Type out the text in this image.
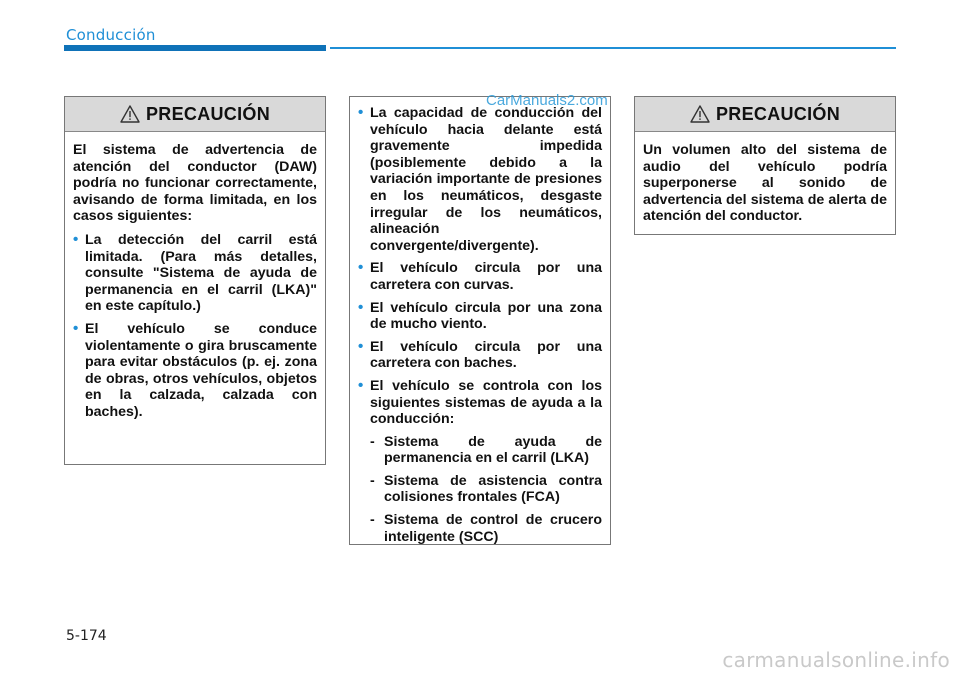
Conducción
PRECAUCIÓN

El sistema de advertencia de atención del conductor (DAW) podría no funcionar correctamente, avisando de forma limitada, en los casos siguientes:

• La detección del carril está limitada. (Para más detalles, consulte "Sistema de ayuda de permanencia en el carril (LKA)" en este capítulo.)
• El vehículo se conduce violentamente o gira bruscamente para evitar obstáculos (p. ej. zona de obras, otros vehículos, objetos en la calzada, calzada con baches).
• La capacidad de conducción del vehículo hacia delante está gravemente impedida (posiblemente debido a la variación importante de presiones en los neumáticos, desgaste irregular de los neumáticos, alineación convergente/divergente).
• El vehículo circula por una carretera con curvas.
• El vehículo circula por una zona de mucho viento.
• El vehículo circula por una carretera con baches.
• El vehículo se controla con los siguientes sistemas de ayuda a la conducción:
- Sistema de ayuda de permanencia en el carril (LKA)
- Sistema de asistencia contra colisiones frontales (FCA)
- Sistema de control de crucero inteligente (SCC)
PRECAUCIÓN

Un volumen alto del sistema de audio del vehículo podría superponerse al sonido de advertencia del sistema de alerta de atención del conductor.

CarManuals2.com
5-174
carmanualsonline.info
